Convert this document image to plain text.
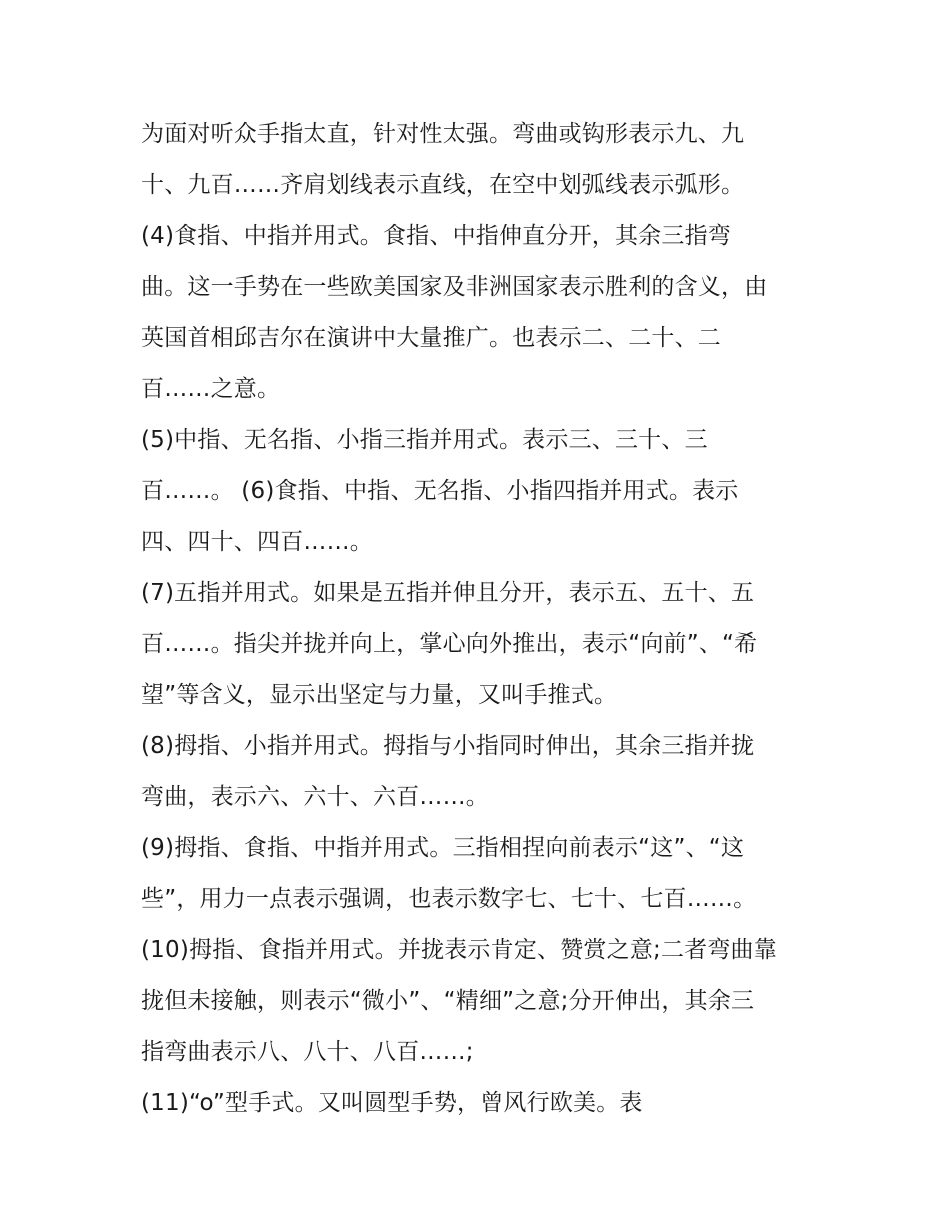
为面对听众手指太直，针对性太强。弯曲或钩形表示九、九
十、九百……齐肩划线表示直线，在空中划弧线表示弧形。
(4)食指、中指并用式。食指、中指伸直分开，其余三指弯
曲。这一手势在一些欧美国家及非洲国家表示胜利的含义，由
英国首相邱吉尔在演讲中大量推广。也表示二、二十、二
百……之意。
(5)中指、无名指、小指三指并用式。表示三、三十、三
百……。 (6)食指、中指、无名指、小指四指并用式。表示
四、四十、四百……。
(7)五指并用式。如果是五指并伸且分开，表示五、五十、五
百……。指尖并拢并向上，掌心向外推出，表示“向前”、“希
望”等含义，显示出坚定与力量，又叫手推式。
(8)拇指、小指并用式。拇指与小指同时伸出，其余三指并拢
弯曲，表示六、六十、六百……。
(9)拇指、食指、中指并用式。三指相捏向前表示“这”、“这
些”，用力一点表示强调，也表示数字七、七十、七百……。
(10)拇指、食指并用式。并拢表示肯定、赞赏之意;二者弯曲靠
拢但未接触，则表示“微小”、“精细”之意;分开伸出，其余三
指弯曲表示八、八十、八百……;
(11)“o”型手式。又叫圆型手势，曾风行欧美。表
